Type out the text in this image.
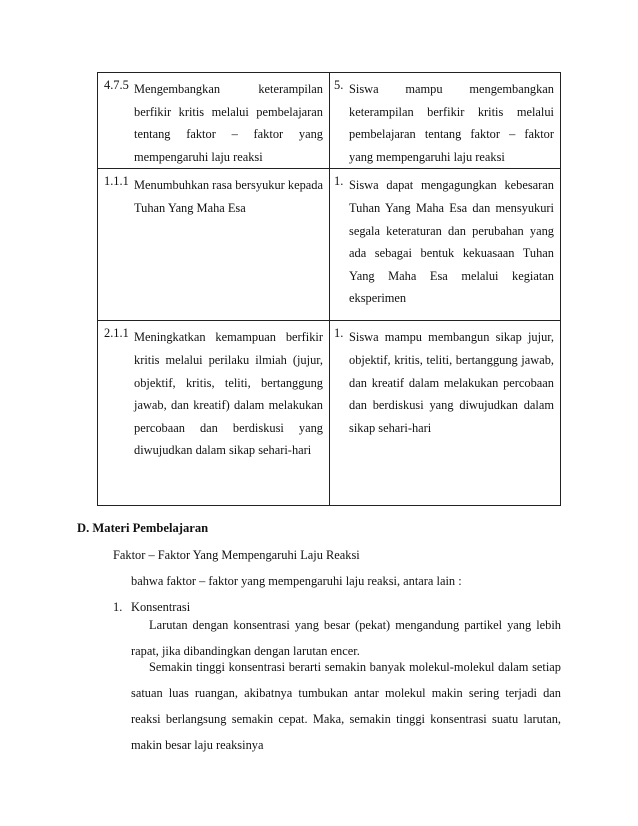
4.7.5 Mengembangkan keterampilan berfikir kritis melalui pembelajaran tentang faktor – faktor yang mempengaruhi laju reaksi	5. Siswa mampu mengembangkan keterampilan berfikir kritis melalui pembelajaran tentang faktor – faktor yang mempengaruhi laju reaksi

1.1.1 Menumbuhkan rasa bersyukur kepada Tuhan Yang Maha Esa	1. Siswa dapat mengagungkan kebesaran Tuhan Yang Maha Esa dan mensyukuri segala keteraturan dan perubahan yang ada sebagai bentuk kekuasaan Tuhan Yang Maha Esa melalui kegiatan eksperimen

2.1.1 Meningkatkan kemampuan berfikir kritis melalui perilaku ilmiah (jujur, objektif, kritis, teliti, bertanggung jawab, dan kreatif) dalam melakukan percobaan dan berdiskusi yang diwujudkan dalam sikap sehari-hari	1. Siswa mampu membangun sikap jujur, objektif, kritis, teliti, bertanggung jawab, dan kreatif dalam melakukan percobaan dan berdiskusi yang diwujudkan dalam sikap sehari-hari

D. Materi Pembelajaran
Faktor – Faktor Yang Mempengaruhi Laju Reaksi
bahwa faktor – faktor yang mempengaruhi laju reaksi, antara lain :
1. Konsentrasi

Larutan dengan konsentrasi yang besar (pekat) mengandung partikel yang lebih rapat, jika dibandingkan dengan larutan encer.

Semakin tinggi konsentrasi berarti semakin banyak molekul-molekul dalam setiap satuan luas ruangan, akibatnya tumbukan antar molekul makin sering terjadi dan reaksi berlangsung semakin cepat. Maka, semakin tinggi konsentrasi suatu larutan, makin besar laju reaksinya
